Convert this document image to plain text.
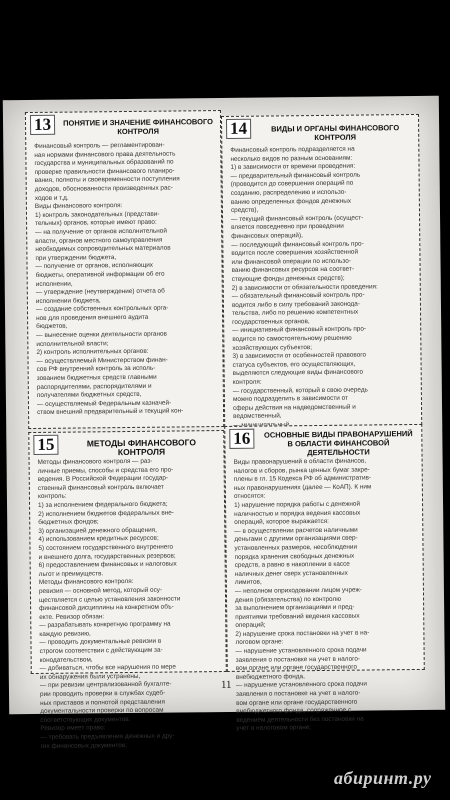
13	ПОНЯТИЕ И ЗНАЧЕНИЕ ФИНАНСОВОГО КОНТРОЛЯ

Финансовый контроль — регламентирован-

ная нормами финансового права деятельность

государства и муниципальных образований по

проверке правильности финансового планиро-

вания, полноты и своевременности поступления

доходов, обоснованности произведенных рас-

ходов и т.д.

Виды финансового контроля:

1) контроль законодательных (представи-

тельных) органов, которые имеют право:

— на получение от органов исполнительной

власти, органов местного самоуправления

необходимых сопроводительных материалов

при утверждении бюджета,

— получение от органов, исполняющих

бюджеты, оперативной информации об его

исполнении,

— утверждение (неутверждение) отчета об

исполнении бюджета,

— создание собственных контрольных орга-

нов для проведения внешнего аудита

бюджетов,

— вынесение оценки деятельности органов

исполнительной власти;

2) контроль исполнительных органов:

— осуществляемый Министерством финан-

сов РФ внутренний контроль за исполь-

зованием бюджетных средств главными

распорядителями, распорядителями и

получателями бюджетных средств,

— осуществляемый Федеральным казначей-

ством внешний предварительный и текущий кон-

14	ВИДЫ И ОРГАНЫ ФИНАНСОВОГО КОНТРОЛЯ

Финансовый контроль подразделяется на

несколько видов по разным основаниям:

1) в зависимости от времени проведения:

— предварительный финансовый контроль

(проводится до совершения операций по

созданию, распределению и использо-

ванию определенных фондов денежных

средств),

— текущий финансовый контроль (осущест-

вляется повседневно при проведении

финансовых операций),

— последующий финансовый контроль про-

водится после совершения хозяйственной

или финансовой операции по использо-

ванию финансовых ресурсов на соответ-

ствующие фонды денежных средств);

2) в зависимости от обязательности проведения:

— обязательный финансовый контроль про-

водится либо в силу требований законода-

тельства, либо по решению компетентных

государственных органов,

— инициативный финансовый контроль про-

водится по самостоятельному решению

хозяйствующих субъектов;

3) в зависимости от особенностей правового

статуса субъектов, его осуществляющих,

выделяются следующие виды финансового

контроля:

— государственный, который в свою очередь

можно подразделить в зависимости от

сферы действия на надведомственный и

ведомственный,

15	МЕТОДЫ ФИНАНСОВОГО КОНТРОЛЯ

Методы финансового контроля — раз-

личные приемы, способы и средства его про-

ведения. В Российской Федерации государ-

ственный финансовый контроль включает

контроль:

1) за исполнением федерального бюджета;

2) исполнением бюджетов федеральных вне-

бюджетных фондов;

3) организацией денежного обращения,

4) использованием кредитных ресурсов;

5) состоянием государственного внутреннего

и внешнего долга, государственных резервов;

6) предоставлением финансовых и налоговых

льгот и преимуществ.

Методы финансового контроля:

ревизия — основной метод, который осу-

ществляется с целью установления законности

финансовой дисциплины на конкретном объ-

екте. Ревизор обязан:

— разрабатывать конкретную программу на

каждую ревизию,

— проводить документальные ревизии в

строгом соответствии с действующим за-

конодательством,

— добиваться, чтобы все нарушения по мере

их обнаружения были устранены,

— при ревизии централизованной бухгалте-

рии проводить проверки в службах судеб-

ных приставов и полнотой представления

документальности проверки по вопросам

соответствующих документов.

Ревизор имеет право:

— требовать предъявления денежных и дру-

гих финансовых документов;

16	ОСНОВНЫЕ ВИДЫ ПРАВОНАРУШЕНИЙ В ОБЛАСТИ ФИНАНСОВОЙ ДЕЯТЕЛЬНОСТИ

Виды правонарушений в области финансов,

налогов и сборов, рынка ценных бумаг закре-

плены в гл. 15 Кодекса РФ об административ-

ных правонарушениях (далее — КоАП). К ним

относятся:

1) нарушение порядка работы с денежной

наличностью и порядка ведения кассовых

операций, которое выражается:

— в осуществлении расчетов наличными

деньгами с другими организациями свер-

установленных размеров, несоблюдении

порядка хранения свободных денежных

средств, а равно в накоплении в кассе

наличных денег сверх установленных

лимитов,

— неполном оприходовании лицом учреж-

дения (обязательства) по контролю

за выполнением организациями и пред-

приятиями требований ведения кассовых

операций;

2) нарушение срока постановки на учет в на-

логовом органе:

— нарушение установленного срока подачи

заявления о постановке на учет в налого-

вом органе или органе государственного

внебюджетного фонда,

— нарушение установленного срока подачи

заявления о постановке на учет в налого-

вом органе или органе государственного

внебюджетного фонда, сопряженное с

ведением деятельности без постановки на

учет в налоговом органе;

11
абиринт.ру
